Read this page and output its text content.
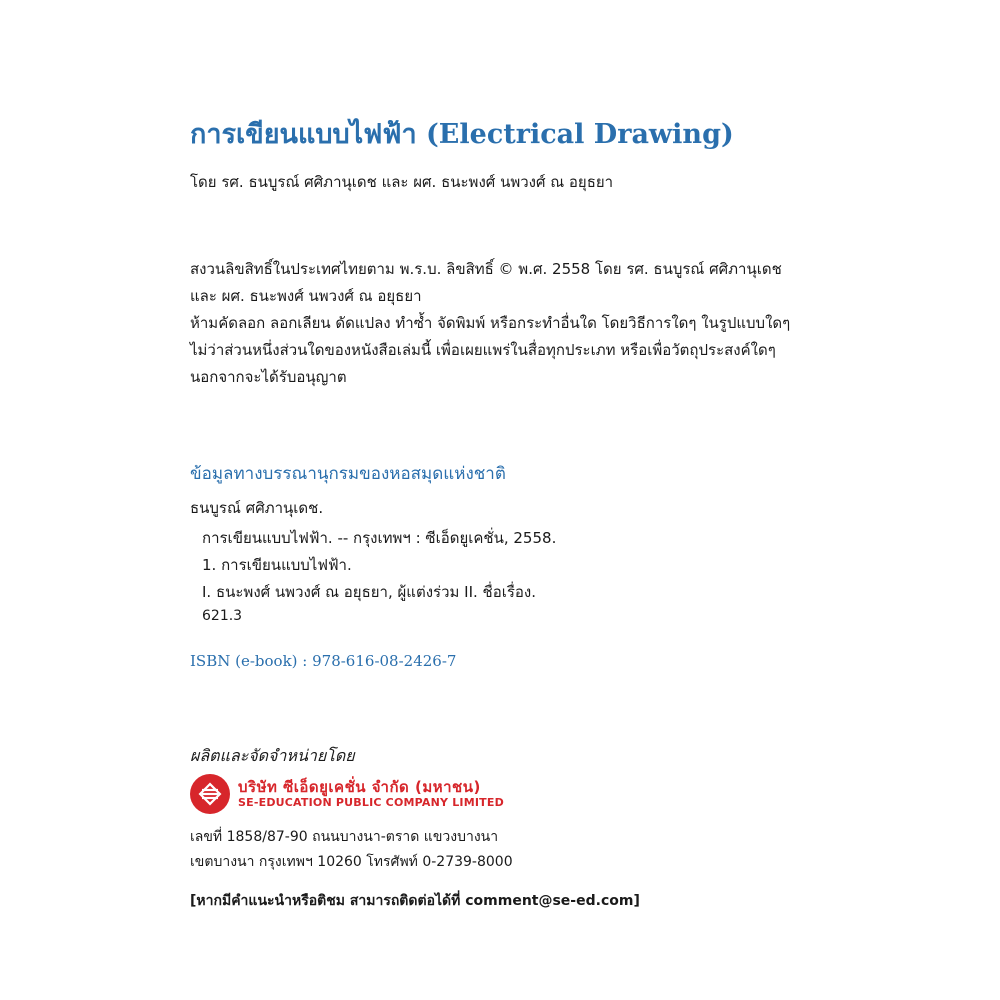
การเขียนแบบไฟฟ้า (Electrical Drawing)
โดย รศ. ธนบูรณ์ ศศิภานุเดช และ ผศ. ธนะพงศ์ นพวงศ์ ณ อยุธยา
สงวนลิขสิทธิ์ในประเทศไทยตาม พ.ร.บ. ลิขสิทธิ์ © พ.ศ. 2558 โดย รศ. ธนบูรณ์ ศศิภานุเดช
และ ผศ. ธนะพงศ์ นพวงศ์ ณ อยุธยา
ห้ามคัดลอก ลอกเลียน ดัดแปลง ทำซ้ำ จัดพิมพ์ หรือกระทำอื่นใด โดยวิธีการใดๆ ในรูปแบบใดๆ
ไม่ว่าส่วนหนึ่งส่วนใดของหนังสือเล่มนี้ เพื่อเผยแพร่ในสื่อทุกประเภท หรือเพื่อวัตถุประสงค์ใดๆ
นอกจากจะได้รับอนุญาต
ข้อมูลทางบรรณานุกรมของหอสมุดแห่งชาติ
ธนบูรณ์ ศศิภานุเดช.
การเขียนแบบไฟฟ้า. -- กรุงเทพฯ : ซีเอ็ดยูเคชั่น, 2558.
1. การเขียนแบบไฟฟ้า.
I. ธนะพงศ์ นพวงศ์ ณ อยุธยา, ผู้แต่งร่วม II. ชื่อเรื่อง.
621.3
ISBN (e-book) : 978-616-08-2426-7
ผลิตและจัดจำหน่ายโดย
บริษัท ซีเอ็ดยูเคชั่น จำกัด (มหาชน)
SE-EDUCATION PUBLIC COMPANY LIMITED
เลขที่ 1858/87-90 ถนนบางนา-ตราด แขวงบางนา
เขตบางนา กรุงเทพฯ 10260 โทรศัพท์ 0-2739-8000
[หากมีคำแนะนำหรือติชม สามารถติดต่อได้ที่ comment@se-ed.com]
